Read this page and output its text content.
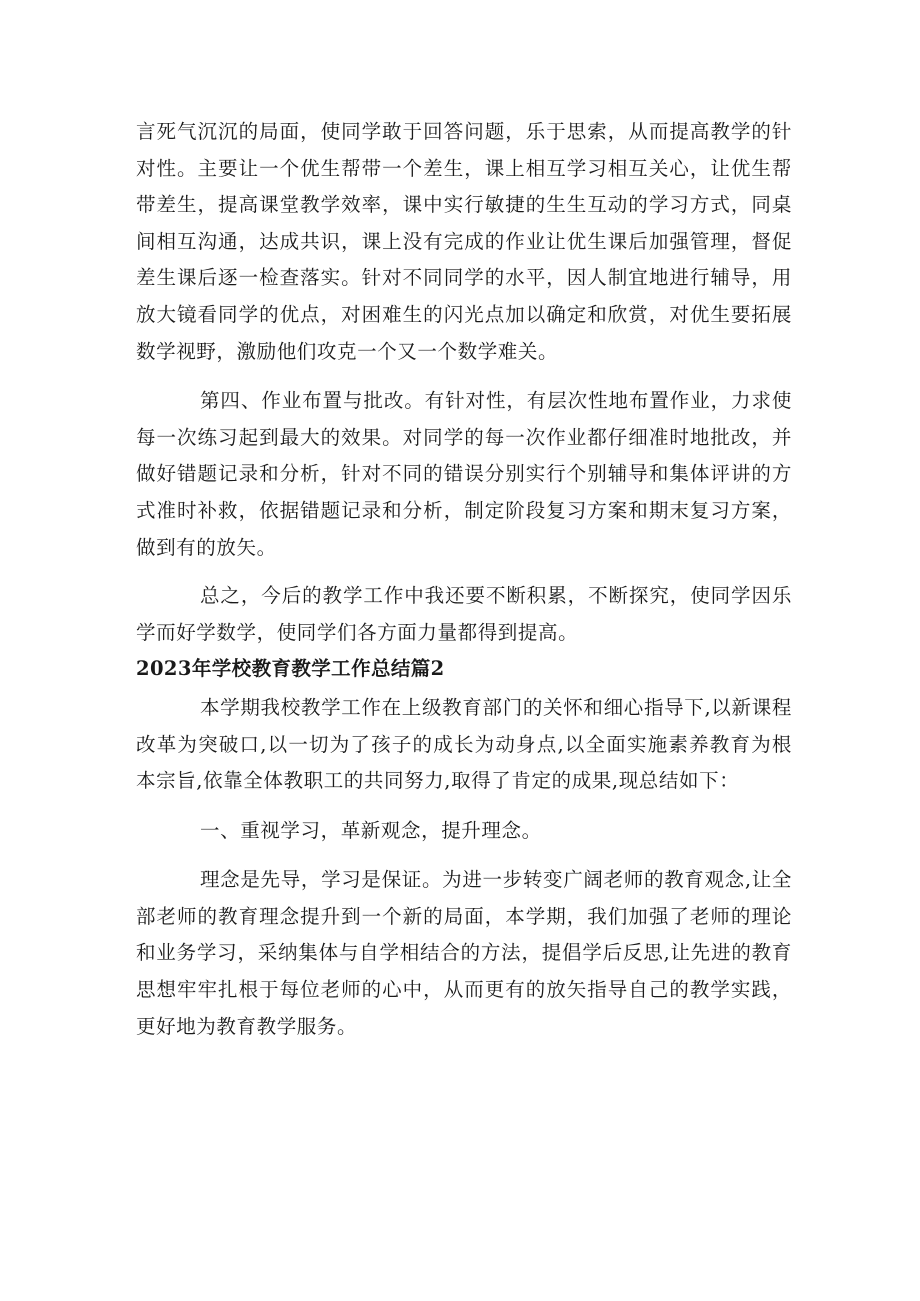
言死气沉沉的局面，使同学敢于回答问题，乐于思索，从而提高教学的针对性。主要让一个优生帮带一个差生，课上相互学习相互关心，让优生帮带差生，提高课堂教学效率，课中实行敏捷的生生互动的学习方式，同桌间相互沟通，达成共识，课上没有完成的作业让优生课后加强管理，督促差生课后逐一检查落实。针对不同同学的水平，因人制宜地进行辅导，用放大镜看同学的优点，对困难生的闪光点加以确定和欣赏，对优生要拓展数学视野，激励他们攻克一个又一个数学难关。

第四、作业布置与批改。有针对性，有层次性地布置作业，力求使每一次练习起到最大的效果。对同学的每一次作业都仔细准时地批改，并做好错题记录和分析，针对不同的错误分别实行个别辅导和集体评讲的方式准时补救，依据错题记录和分析，制定阶段复习方案和期末复习方案，做到有的放矢。

总之，今后的教学工作中我还要不断积累，不断探究，使同学因乐学而好学数学，使同学们各方面力量都得到提高。

2023年学校教育教学工作总结篇2

本学期我校教学工作在上级教育部门的关怀和细心指导下,以新课程改革为突破口,以一切为了孩子的成长为动身点,以全面实施素养教育为根本宗旨,依靠全体教职工的共同努力,取得了肯定的成果,现总结如下：

一、重视学习，革新观念，提升理念。

理念是先导，学习是保证。为进一步转变广阔老师的教育观念,让全部老师的教育理念提升到一个新的局面，本学期，我们加强了老师的理论和业务学习，采纳集体与自学相结合的方法，提倡学后反思,让先进的教育思想牢牢扎根于每位老师的心中，从而更有的放矢指导自己的教学实践，更好地为教育教学服务。
